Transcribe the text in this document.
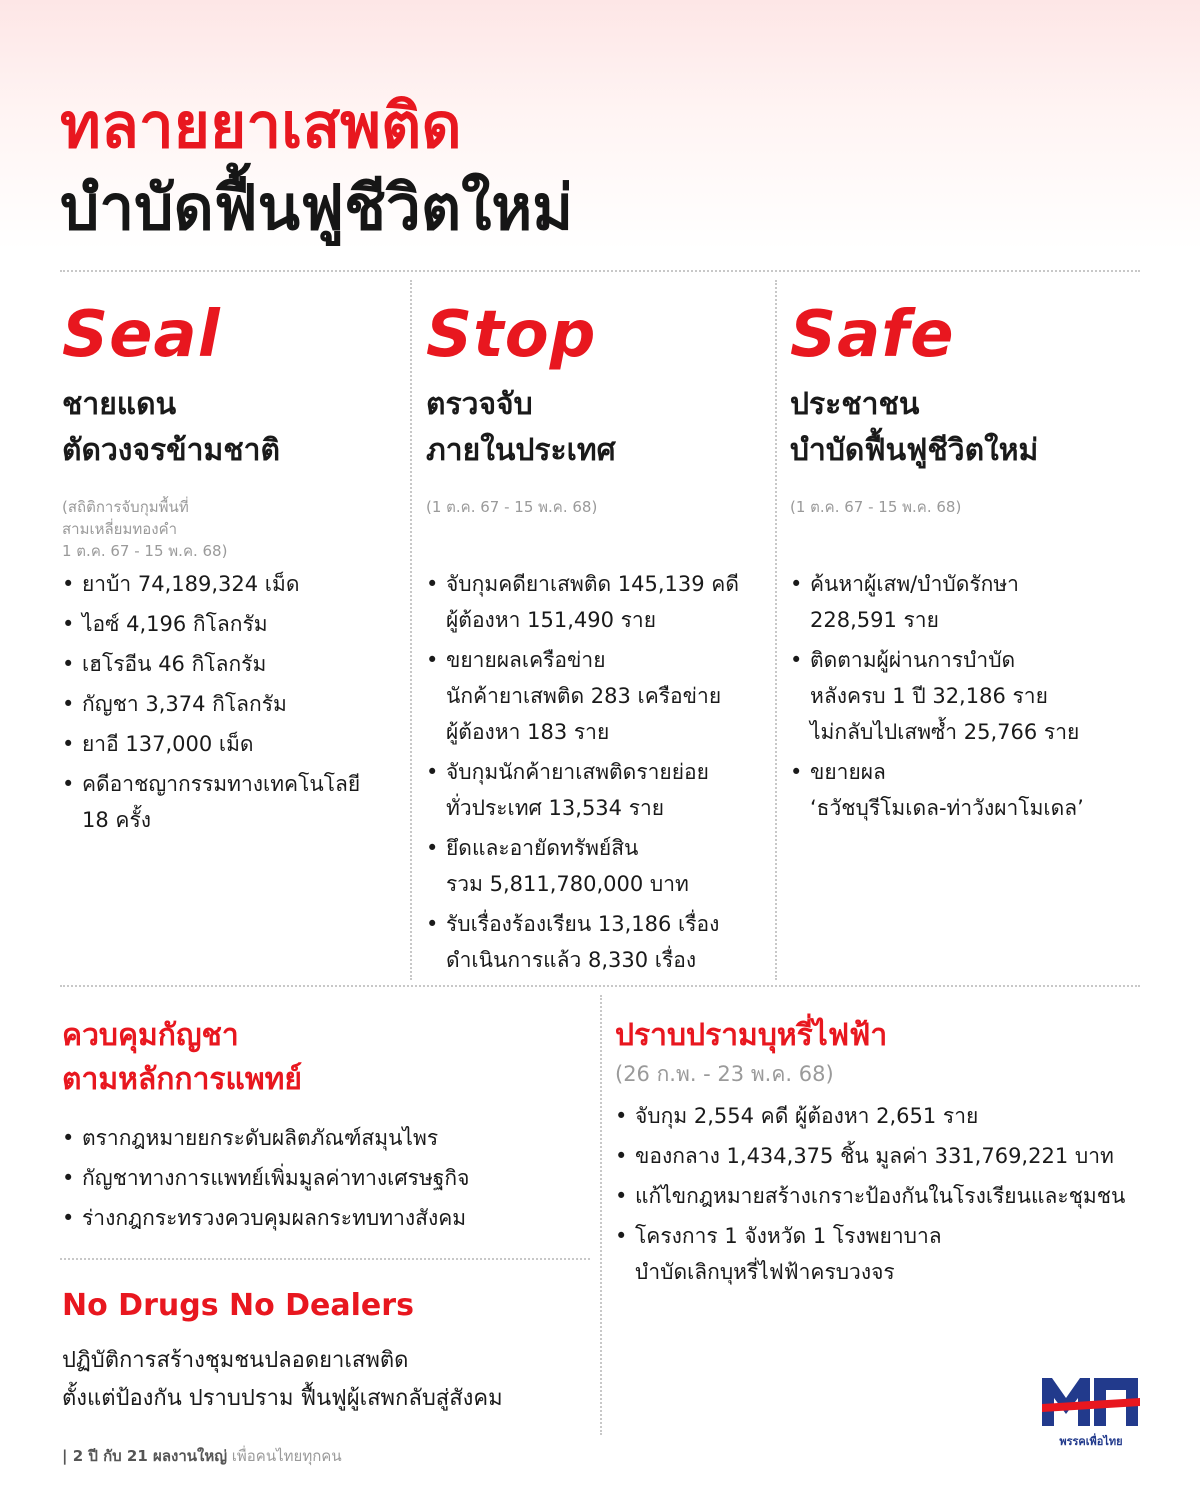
ทลายยาเสพติด
บำบัดฟื้นฟูชีวิตใหม่
Seal
ชายแดน
ตัดวงจรข้ามชาติ
(สถิติการจับกุมพื้นที่
สามเหลี่ยมทองคำ
1 ต.ค. 67 - 15 พ.ค. 68)
• ยาบ้า 74,189,324 เม็ด
• ไอซ์ 4,196 กิโลกรัม
• เฮโรอีน 46 กิโลกรัม
• กัญชา 3,374 กิโลกรัม
• ยาอี 137,000 เม็ด
• คดีอาชญากรรมทางเทคโนโลยี
18 ครั้ง
Stop
ตรวจจับ
ภายในประเทศ
(1 ต.ค. 67 - 15 พ.ค. 68)
• จับกุมคดียาเสพติด 145,139 คดี
ผู้ต้องหา 151,490 ราย
• ขยายผลเครือข่าย
นักค้ายาเสพติด 283 เครือข่าย
ผู้ต้องหา 183 ราย
• จับกุมนักค้ายาเสพติดรายย่อย
ทั่วประเทศ 13,534 ราย
• ยึดและอายัดทรัพย์สิน
รวม 5,811,780,000 บาท
• รับเรื่องร้องเรียน 13,186 เรื่อง
ดำเนินการแล้ว 8,330 เรื่อง
Safe
ประชาชน
บำบัดฟื้นฟูชีวิตใหม่
(1 ต.ค. 67 - 15 พ.ค. 68)
• ค้นหาผู้เสพ/บำบัดรักษา
228,591 ราย
• ติดตามผู้ผ่านการบำบัด
หลังครบ 1 ปี 32,186 ราย
ไม่กลับไปเสพซ้ำ 25,766 ราย
• ขยายผล
‘ธวัชบุรีโมเดล-ท่าวังผาโมเดล’
ควบคุมกัญชา
ตามหลักการแพทย์
• ตรากฎหมายยกระดับผลิตภัณฑ์สมุนไพร
• กัญชาทางการแพทย์เพิ่มมูลค่าทางเศรษฐกิจ
• ร่างกฎกระทรวงควบคุมผลกระทบทางสังคม
ปราบปรามบุหรี่ไฟฟ้า
(26 ก.พ. - 23 พ.ค. 68)
• จับกุม 2,554 คดี ผู้ต้องหา 2,651 ราย
• ของกลาง 1,434,375 ชิ้น มูลค่า 331,769,221 บาท
• แก้ไขกฎหมายสร้างเกราะป้องกันในโรงเรียนและชุมชน
• โครงการ 1 จังหวัด 1 โรงพยาบาล
บำบัดเลิกบุหรี่ไฟฟ้าครบวงจร
No Drugs No Dealers
ปฏิบัติการสร้างชุมชนปลอดยาเสพติด
ตั้งแต่ป้องกัน ปราบปราม ฟื้นฟูผู้เสพกลับสู่สังคม
| 2 ปี กับ 21 ผลงานใหญ่ เพื่อคนไทยทุกคน
พรรคเพื่อไทย
